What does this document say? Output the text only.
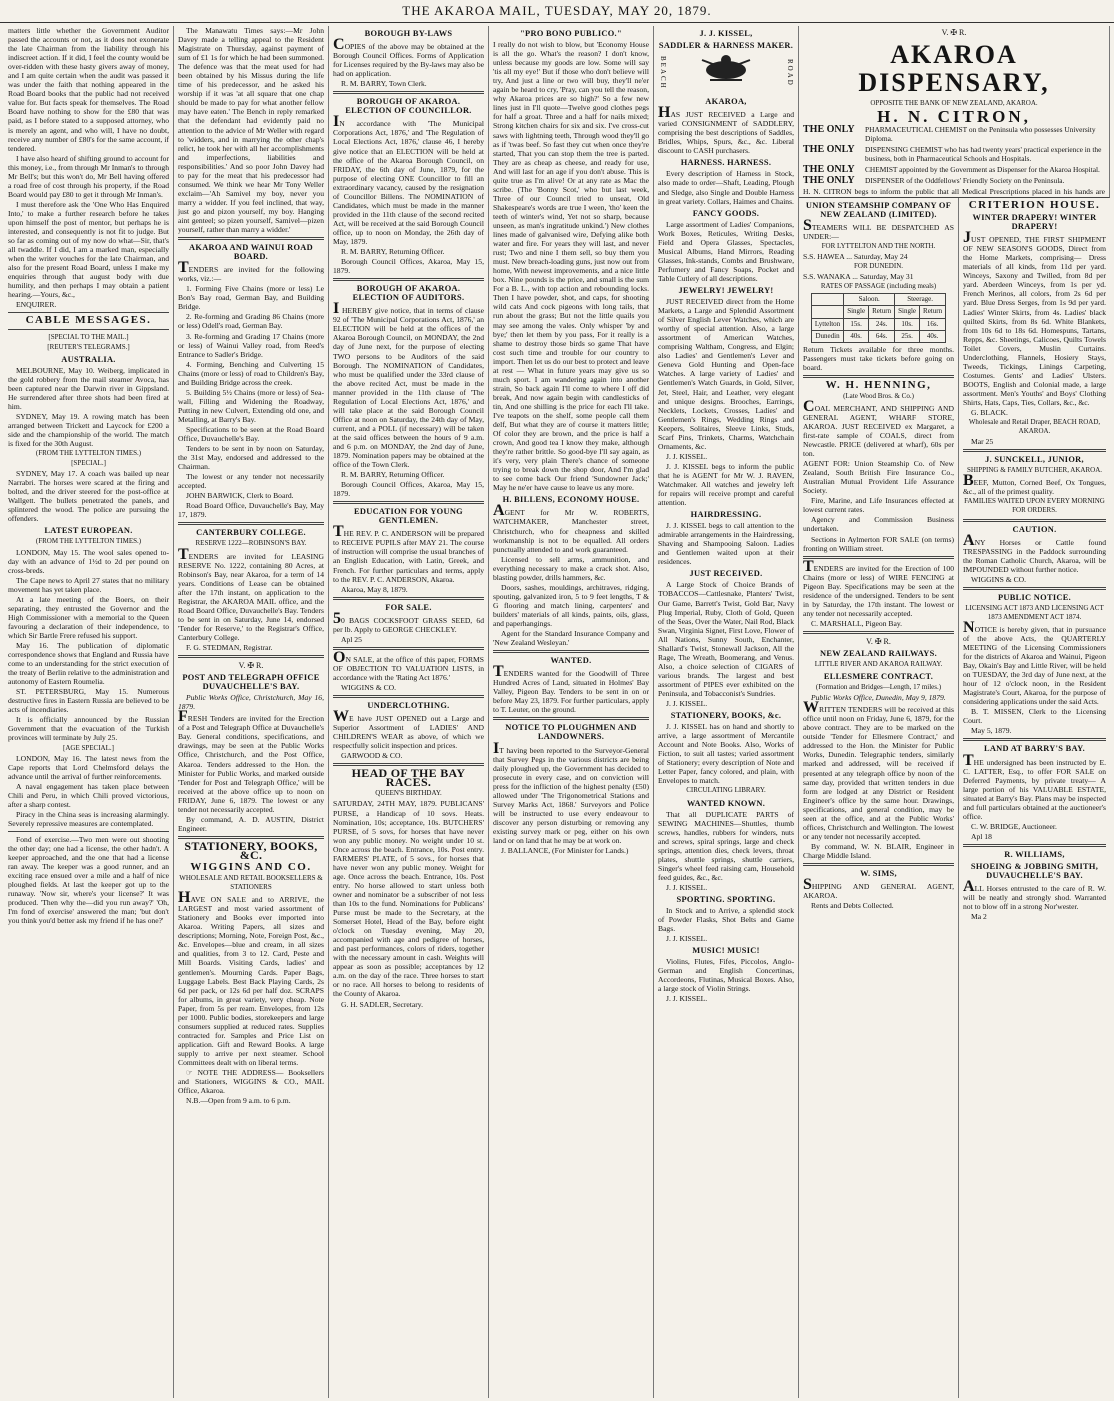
THE AKAROA MAIL, TUESDAY, MAY 20, 1879.

matters little whether the Government Auditor passed the accounts or not, as it does not exonerate the late Chairman from the liability through his indiscreet action. If it did, I feel the county would be over-ridden with these hasty givers away of money, and I am quite certain when the audit was passed it was under the faith that nothing appeared in the Road Board books that the public had not received value for. But facts speak for themselves. The Road Board have nothing to show for the £80 that was paid, as I before stated to a supposed attorney, who is merely an agent, and who will, I have no doubt, receive any number of £80's for the same account, if tendered.

I have also heard of shifting ground to account for this money, i.e., from through Mr Inman's to through Mr Bell's; but this won't do, Mr Bell having offered a road free of cost through his property, if the Road Board would pay £80 to get it through Mr Inman's.

I must therefore ask the 'One Who Has Enquired Into,' to make a further research before he takes upon himself the post of mentor, but perhaps he is interested, and consequently is not fit to judge. But so far as coming out of my now do what—Sir, that's all twaddle. If I did, I am a marked man, especially when the writer vouches for the late Chairman, and also for the present Road Board, unless I make my enquiries through that august body with due humility, and then perhaps I may obtain a patient hearing.—Yours, &c.,

ENQUIRER.

CABLE MESSAGES.
[SPECIAL TO THE MAIL.]
[REUTER'S TELEGRAMS.]
AUSTRALIA.

MELBOURNE, May 10. Weiberg, implicated in the gold robbery from the mail steamer Avoca, has been captured near the Darwin river in Gippsland. He surrendered after three shots had been fired at him.

SYDNEY, May 19. A rowing match has been arranged between Trickett and Laycock for £200 a side and the championship of the world. The match is fixed for the 30th August.

(FROM THE LYTTELTON TIMES.)
[SPECIAL.]

SYDNEY, May 17. A coach was bailed up near Narrabri. The horses were scared at the firing and bolted, and the driver steered for the post-office at Wallgett. The bullets penetrated the panels, and splintered the wood. The police are pursuing the offenders.

LATEST EUROPEAN.
(FROM THE LYTTELTON TIMES.)

LONDON, May 15. The wool sales opened to-day with an advance of 1½d to 2d per pound on cross-breds.

The Cape news to April 27 states that no military movement has yet taken place.

At a late meeting of the Boers, on their separating, they entrusted the Governor and the High Commissioner with a memorial to the Queen favouring a declaration of their independence, to which Sir Bartle Frere refused his support.

May 16. The publication of diplomatic correspondence shows that England and Russia have come to an understanding for the strict execution of the treaty of Berlin relative to the administration and autonomy of Eastern Roumelia.

ST. PETERSBURG, May 15. Numerous destructive fires in Eastern Russia are believed to be acts of incendiaries.

It is officially announced by the Russian Government that the evacuation of the Turkish provinces will terminate by July 25.

[AGE SPECIAL.]

LONDON, May 16. The latest news from the Cape reports that Lord Chelmsford delays the advance until the arrival of further reinforcements.

A naval engagement has taken place between Chili and Peru, in which Chili proved victorious, after a sharp contest.

Piracy in the China seas is increasing alarmingly. Severely repressive measures are contemplated.

Fond of exercise.—Two men were out shooting the other day; one had a license, the other hadn't. A keeper approached, and the one that had a license ran away. The keeper was a good runner, and an exciting race ensued over a mile and a half of nice ploughed fields. At last the keeper got up to the runaway. 'Now sir, where's your license?' It was produced. 'Then why the—did you run away?' 'Oh, I'm fond of exercise' answered the man; 'but don't you think you'd better ask my friend if he has one?'

The Manawatu Times says:—Mr John Davey made a telling appeal to the Resident Magistrate on Thursday, against payment of sum of £1 1s for which he had been summoned. The defence was that the meat used for had been obtained by his Missus during the life time of his predecessor, and he asked his worship if it was 'at all square that one chap should be made to pay for what another fellow may have eaten.' The Bench in reply remarked that the defendant had evidently paid no attention to the advice of Mr Weller with regard to 'widders, and in marrying the other chap's relict, he took her with all her accomplishments and imperfections, liabilities and responsibilities.' And so poor John Davey had to pay for the meat that his predecessor had consumed. We think we hear Mr Tony Weller exclaim—'Ah Samivel my boy, never you marry a widder. If you feel inclined, that way, just go and pizon yourself, my boy. Hanging aint genteel; so pizen yourself, Samivel—pizen yourself, rather than marry a widder.'

AKAROA AND WAINUI ROAD BOARD.

TENDERS are invited for the following works, viz.:—

1. Forming Five Chains (more or less) Le Bon's Bay road, German Bay, and Building Bridge.

2. Re-forming and Grading 86 Chains (more or less) Odell's road, German Bay.

3. Re-forming and Grading 17 Chains (more or less) of Wainui Valley road, from Reed's Entrance to Sadler's Bridge.

4. Forming, Benching and Culverting 15 Chains (more or less) of road to Children's Bay, and Building Bridge across the creek.

5. Building 5½ Chains (more or less) of Sea-wall, Filling and Widening the Roadway, Putting in new Culvert, Extending old one, and Metalling, at Barry's Bay.

Specifications to be seen at the Road Board Office, Duvauchelle's Bay.

Tenders to be sent in by noon on Saturday, the 31st May, endorsed and addressed to the Chairman.

The lowest or any tender not necessarily accepted.

JOHN BARWICK, Clerk to Board.

Road Board Office, Duvauchelle's Bay, May 17, 1879.

CANTERBURY COLLEGE.
RESERVE 1222—ROBINSON'S BAY.

TENDERS are invited for LEASING RESERVE No. 1222, containing 80 Acres, at Robinson's Bay, near Akaroa, for a term of 14 years. Conditions of Lease can be obtained after the 17th instant, on application to the Registrar, the AKAROA MAIL office, and the Road Board Office, Duvauchelle's Bay. Tenders to be sent in on Saturday, June 14, endorsed 'Tender for Reserve,' to the Registrar's Office, Canterbury College.

F. G. STEDMAN, Registrar.

V. ✠ R.
POST AND TELEGRAPH OFFICE DUVAUCHELLE'S BAY.

Public Works Office, Christchurch, May 16, 1879.

FRESH Tenders are invited for the Erection of a Post and Telegraph Office at Duvauchelle's Bay. General conditions, specifications, and drawings, may be seen at the Public Works Office, Christchurch, and the Post Office, Akaroa. Tenders addressed to the Hon. the Minister for Public Works, and marked outside 'Tender for Post and Telegraph Office,' will be received at the above office up to noon on FRIDAY, June 6, 1879. The lowest or any tender not necessarily accepted.

By command, A. D. AUSTIN, District Engineer.

STATIONERY, BOOKS, &C.
WIGGINS AND CO.
WHOLESALE AND RETAIL BOOKSELLERS & STATIONERS

HAVE ON SALE and to ARRIVE, the LARGEST and most varied assortment of Stationery and Books ever imported into Akaroa. Writing Papers, all sizes and descriptions; Morning, Note, Foreign Post, &c., &c. Envelopes—blue and cream, in all sizes and qualities, from 3 to 12. Card, Peste and Mill Boards. Visiting Cards, ladies' and gentlemen's. Mourning Cards. Paper Bags, Luggage Labels. Best Back Playing Cards, 2s 6d per pack, or 12s 6d per half doz. SCRAPS for albums, in great variety, very cheap. Note Paper, from 5s per ream. Envelopes, from 12s per 1000. Public bodies, storekeepers and large consumers supplied at reduced rates. Supplies contracted for. Samples and Price List on application. Gift and Reward Books. A large supply to arrive per next steamer. School Committees dealt with on liberal terms.

☞ NOTE THE ADDRESS— Booksellers and Stationers, WIGGINS & CO., MAIL Office, Akaroa.

N.B.—Open from 9 a.m. to 6 p.m.

BOROUGH BY-LAWS

COPIES of the above may be obtained at the Borough Council Offices. Forms of Application for Licenses required by the By-laws may also be had on application.

R. M. BARRY, Town Clerk.

BOROUGH OF AKAROA. ELECTION OF COUNCILLOR.

IN accordance with 'The Municipal Corporations Act, 1876,' and 'The Regulation of Local Elections Act, 1876,' clause 46, I hereby give notice that an ELECTION will be held at the office of the Akaroa Borough Council, on FRIDAY, the 6th day of June, 1879, for the purpose of electing ONE Councillor to fill an extraordinary vacancy, caused by the resignation of Councillor Billens. The NOMINATION of Candidates, which must be made in the manner provided in the 11th clause of the second recited Act, will be received at the said Borough Council office, up to noon on Monday, the 26th day of May, 1879.

R. M. BARRY, Returning Officer.

Borough Council Offices, Akaroa, May 15, 1879.

BOROUGH OF AKAROA. ELECTION OF AUDITORS.

I HEREBY give notice, that in terms of clause 92 of 'The Municipal Corporations Act, 1876,' an ELECTION will be held at the offices of the Akaroa Borough Council, on MONDAY, the 2nd day of June next, for the purpose of electing TWO persons to be Auditors of the said Borough. The NOMINATION of Candidates, who must be qualified under the 33rd clause of the above recited Act, must be made in the manner provided in the 11th clause of 'The Regulation of Local Elections Act, 1876,' and will take place at the said Borough Council Office at noon on Saturday, the 24th day of May, current, and a POLL (if necessary) will be taken at the said offices between the hours of 9 a.m. and 6 p.m. on MONDAY, the 2nd day of June, 1879. Nomination papers may be obtained at the office of the Town Clerk.

R. M. BARRY, Returning Officer.

Borough Council Offices, Akaroa, May 15, 1879.

EDUCATION FOR YOUNG GENTLEMEN.

THE REV. P. C. ANDERSON will be prepared to RECEIVE PUPILS after MAY 21. The course of instruction will comprise the usual branches of an English Education, with Latin, Greek, and French. For further particulars and terms, apply to the REV. P. C. ANDERSON, Akaroa.

Akaroa, May 8, 1879.

FOR SALE.

50 BAGS COCKSFOOT GRASS SEED, 6d per lb. Apply to GEORGE CHECKLEY.

Apl 25

ON SALE, at the office of this paper, FORMS OF OBJECTION TO VALUATION LISTS, in accordance with the 'Rating Act 1876.'

WIGGINS & CO.

UNDERCLOTHING.

WE have JUST OPENED out a Large and Superior Assortment of LADIES' AND CHILDREN'S WEAR as above, of which we respectfully solicit inspection and prices.

GARWOOD & CO.

HEAD OF THE BAY RACES.
QUEEN'S BIRTHDAY.

SATURDAY, 24TH MAY, 1879. PUBLICANS' PURSE, a Handicap of 10 sovs. Heats. Nomination, 10s; acceptance, 10s. BUTCHERS' PURSE, of 5 sovs, for horses that have never won any public money. No weight under 10 st. Once across the beach. Entrance, 10s. Post entry. FARMERS' PLATE, of 5 sovs., for horses that have never won any public money. Weight for age. Once across the beach. Entrance, 10s. Post entry. No horse allowed to start unless both owner and nominator be a subscriber of not less than 10s to the fund. Nominations for Publicans' Purse must be made to the Secretary, at the Somerset Hotel, Head of the Bay, before eight o'clock on Tuesday evening, May 20, accompanied with age and pedigree of horses, and past performances, colors of riders, together with the necessary amount in cash. Weights will appear as soon as possible; acceptances by 12 a.m. on the day of the race. Three horses to start or no race. All horses to belong to residents of the County of Akaroa.

G. H. SADLER, Secretary.

"PRO BONO PUBLICO."

I really do not wish to blow, but 'Economy House is all the go. What's the reason? I don't know, unless because my goods are low. Some will say 'tis all my eye!' But if those who don't believe will try, And just a line or two will buy, they'll ne'er again be heard to cry, 'Pray, can you tell the reason, why Akaroa prices are so high?' So a few new lines just in I'll quote—Twelve good clothes pegs for half a groat. Three and a half for nails mixed; Strong kitchen chairs for six and six. I've cross-cut saws with lightning teeth, Through wood they'll go as if 'twas beef. So fast they cut when once they're started, That you can stop them the tree is parted. They are as cheap as cheese, and ready for use, And will last for an age if you don't abuse. This is quite true as I'm alive! Or at any rate as Mac the scribe. (The 'Bonny Scot,' who but last week, Three of our Council tried to unseat, Old Shakespeare's words are true I ween, 'tho' keen the teeth of winter's wind, Yet not so sharp, because unseen, as man's ingratitude unkind.') New clothes lines made of galvanised wire, Defying alike both water and fire. For years they will last, and never rust; Two and nine I them sell, so buy them you must. New breach-loading guns, just now out from home, With newest improvements, and a nice little box. Nine pounds is the price, and small is the sum For a B. L., with top action and rebounding locks. Then I have powder, shot, and caps, for shooting wild cats And cock pigeons with long tails, that run about the grass; But not the little quails you may see among the vales. Only whisper 'by and bye;' then let them by you pass, For it really is a shame to destroy those birds so game That have cost such time and trouble for our country to import. Then let us do our best to protect and leave at rest — What in future years may give us so much sport. I am wandering again into another strain, So back again I'll come to where I off did break, And now again begin with candlesticks of tin, And one shilling is the price for each I'll take. I've teapots on the shelf, some people call them delf, But what they are of course it matters little; Of color they are brown, and the price is half a crown, And good tea I know they make, although they're rather brittle. So good-bye I'll say again, as it's very, very plain There's chance of someone trying to break down the shop door, And I'm glad to see come back Our friend 'Sundowner Jack;' May he ne'er have cause to leave us any more.

H. BILLENS, ECONOMY HOUSE.

AGENT for Mr W. ROBERTS, WATCHMAKER, Manchester street, Christchurch, who for cheapness and skilled workmanship is not to be equalled. All orders punctually attended to and work guaranteed.

Licensed to sell arms, ammunition, and everything necessary to make a crack shot. Also, blasting powder, drills hammers, &c.

Doors, sashes, mouldings, architraves, ridging, spouting, galvanized iron, 5 to 9 feet lengths, T & G flooring and match lining, carpenters' and builders' materials of all kinds, paints, oils, glass, and paperhangings.

Agent for the Standard Insurance Company and 'New Zealand Wesleyan.'

WANTED.

TENDERS wanted for the Goodwill of Three Hundred Acres of Land, situated in Holmes' Bay Valley, Pigeon Bay. Tenders to be sent in on or before May 23, 1879. For further particulars, apply to T. Leuter, on the ground.

NOTICE TO PLOUGHMEN AND LANDOWNERS.

IT having been reported to the Surveyor-General that Survey Pegs in the various districts are being daily ploughed up, the Government has decided to prosecute in every case, and on conviction will press for the infliction of the highest penalty (£50) allowed under 'The Trigonometrical Stations and Survey Marks Act, 1868.' Surveyors and Police will be instructed to use every endeavour to discover any person disturbing or removing any existing survey mark or peg, either on his own land or on land that he may be at work on.

J. BALLANCE, (For Minister for Lands.)

J. J. KISSEL,
SADDLER & HARNESS MAKER.
BEACH	ROAD
AKAROA,

HAS JUST RECEIVED a Large and varied CONSIGNMENT of SADDLERY, comprising the best descriptions of Saddles, Bridles, Whips, Spurs, &c., &c. Liberal discount to CASH purchasers.

HARNESS. HARNESS.

Every description of Harness in Stock, also made to order—Shaft, Leading, Plough and Sledge, also Single and Double Harness in great variety. Collars, Haimes and Chains.

FANCY GOODS.

Large assortment of Ladies' Companions, Work Boxes, Reticules, Writing Desks, Field and Opera Glasses, Spectacles, Musical Albums, Hand Mirrors, Reading Glasses, Ink-stands, Combs and Brushware, Perfumery and Fancy Soaps, Pocket and Table Cutlery of all descriptions.

JEWELRY! JEWELRY!

JUST RECEIVED direct from the Home Markets, a Large and Splendid Assortment of Silver English Lever Watches, which are worthy of special attention. Also, a large assortment of American Watches, comprising Waltham, Congress, and Elgin; also Ladies' and Gentlemen's Lever and Geneva Gold Hunting and Open-face Watches. A large variety of Ladies' and Gentlemen's Watch Guards, in Gold, Silver, Jet, Steel, Hair, and Leather, very elegant and unique designs. Brooches, Earrings, Necklets, Lockets, Crosses, Ladies' and Gentlemen's Rings, Wedding Rings and Keepers, Solitaires, Sleeve Links, Studs, Scarf Pins, Trinkets, Charms, Watchchain Ornaments, &c.

J. J. KISSEL.

J. J. KISSEL begs to inform the public that he is AGENT for Mr W. J. RAVEN, Watchmaker. All watches and jewelry left for repairs will receive prompt and careful attention.

HAIRDRESSING.

J. J. KISSEL begs to call attention to the admirable arrangements in the Hairdressing, Shaving and Shampooing Saloon. Ladies and Gentlemen waited upon at their residences.

JUST RECEIVED.

A Large Stock of Choice Brands of TOBACCOS—Cattlesnake, Planters' Twist, Our Game, Barrett's Twist, Gold Bar, Navy Plug Imperial, Ruby, Cloth of Gold, Queen of the Seas, Over the Water, Nail Rod, Black Swan, Virginia Signet, First Love, Flower of All Nations, Sunny South, Enchanter, Shallard's Twist, Stonewall Jackson, All the Rage, The Wreath, Boomerang, and Venus. Also, a choice selection of CIGARS of various brands. The largest and best assortment of PIPES ever exhibited on the Peninsula, and Tobacconist's Sundries.

J. J. KISSEL.

STATIONERY, BOOKS, &c.

J. J. KISSEL has on hand and shortly to arrive, a large assortment of Mercantile Account and Note Books. Also, Works of Fiction, to suit all tastes; varied assortment of Stationery; every description of Note and Letter Paper, fancy colored, and plain, with Envelopes to match.

CIRCULATING LIBRARY.
WANTED KNOWN.

That all DUPLICATE PARTS of SEWING MACHINES—Shuttles, thumb screws, handles, rubbers for winders, nuts and screws, spiral springs, large and check springs, attention dies, check levers, throat plates, shuttle springs, shuttle carriers, Singer's wheel feed raising cam, Household feed guides, &c., &c.

J. J. KISSEL.

SPORTING. SPORTING.

In Stock and to Arrive, a splendid stock of Powder Flasks, Shot Belts and Game Bags.

J. J. KISSEL.

MUSIC! MUSIC!

Violins, Flutes, Fifes, Piccolos, Anglo-German and English Concertinas, Accordeons, Flutinas, Musical Boxes. Also, a large stock of Violin Strings.

J. J. KISSEL.

V. ✠ R.
AKAROA DISPENSARY,
OPPOSITE THE BANK OF NEW ZEALAND, AKAROA.
H. N. CITRON,
THE ONLY	PHARMACEUTICAL CHEMIST on the Peninsula who possesses University Diploma.
THE ONLY	DISPENSING CHEMIST who has had twenty years' practical experience in the business, both in Pharmaceutical Schools and Hospitals.
THE ONLY	CHEMIST appointed by the Government as Dispenser for the Akaroa Hospital.
THE ONLY	DISPENSER of the Oddfellows' Friendly Society on the Peninsula.

H. N. CITRON begs to inform the public that all Medical Prescriptions placed in his hands are

UNION STEAMSHIP COMPANY OF NEW ZEALAND (LIMITED).

STEAMERS WILL BE DESPATCHED AS UNDER:—

FOR LYTTELTON AND THE NORTH.

S.S. HAWEA ... Saturday, May 24

FOR DUNEDIN.

S.S. WANAKA ... Saturday, May 31

RATES OF PASSAGE (including meals)
	Saloon.		Steerage.	
	Single	Return	Single	Return
Lyttelton	15s.	24s.	10s.	16s.
Dunedin	40s.	64s.	25s.	40s.

Return Tickets available for three months. Passengers must take tickets before going on board.

W. H. HENNING,
(Late Wood Bros. & Co.)

COAL MERCHANT, AND SHIPPING AND GENERAL AGENT, WHARF STORE, AKAROA. JUST RECEIVED ex Margaret, a first-rate sample of COALS, direct from Newcastle. PRICE (delivered at wharf), 60s per ton.

AGENT FOR: Union Steamship Co. of New Zealand, South British Fire Insurance Co., Australian Mutual Provident Life Assurance Society.

Fire, Marine, and Life Insurances effected at lowest current rates.

Agency and Commission Business undertaken.

Sections in Aylmerton FOR SALE (on terms) fronting on William street.

TENDERS are invited for the Erection of 100 Chains (more or less) of WIRE FENCING at Pigeon Bay. Specifications may be seen at the residence of the undersigned. Tenders to be sent in by Saturday, the 17th instant. The lowest or any tender not necessarily accepted.

C. MARSHALL, Pigeon Bay.

V. ✠ R.
NEW ZEALAND RAILWAYS.
LITTLE RIVER AND AKAROA RAILWAY.
ELLESMERE CONTRACT.
(Formation and Bridges—Length, 17 miles.)

Public Works Office, Dunedin, May 9, 1879.

WRITTEN TENDERS will be received at this office until noon on Friday, June 6, 1879, for the above contract. They are to be marked on the outside 'Tender for Ellesmere Contract,' and addressed to the Hon. the Minister for Public Works, Dunedin. Telegraphic tenders, similarly marked and addressed, will be received if presented at any telegraph office by noon of the same day, provided that written tenders in due form are lodged at any District or Resident Engineer's office by the same hour. Drawings, specifications, and general condition, may be seen at the office, and at the Public Works' offices, Christchurch and Wellington. The lowest or any tender not necessarily accepted.

By command, W. N. BLAIR, Engineer in Charge Middle Island.

W. SIMS,

SHIPPING AND GENERAL AGENT, AKAROA.

Rents and Debts Collected.

CRITERION HOUSE.
WINTER DRAPERY! WINTER DRAPERY!

JUST OPENED, THE FIRST SHIPMENT OF NEW SEASON'S GOODS, Direct from the Home Markets, comprising— Dress materials of all kinds, from 11d per yard. Winceys, Saxony and Twilled, from 8d per yard. Aberdeen Winceys, from 1s per yd. French Merinos, all colors, from 2s 6d per yard. Blue Dress Serges, from 1s 9d per yard. Ladies' Winter Skirts, from 4s. Ladies' black quilted Skirts, from 8s 6d. White Blankets, from 10s 6d to 18s 6d. Homespuns, Tartans, Repps, &c. Sheetings, Calicoes, Quilts Towels Toilet Covers, Muslin Curtains. Underclothing, Flannels, Hosiery Stays, Tweeds, Tickings, Linings Carpeting, Costumes. Gents' and Ladies' Ulsters. BOOTS, English and Colonial made, a large assortment. Men's Youths' and Boys' Clothing Shirts, Hats, Caps, Ties, Collars, &c., &c.

G. BLACK.

Wholesale and Retail Draper, BEACH ROAD, AKAROA.

Mar 25

J. SUNCKELL, JUNIOR,
SHIPPING & FAMILY BUTCHER, AKAROA.

BEEF, Mutton, Corned Beef, Ox Tongues, &c., all of the primest quality.

FAMILIES WAITED UPON EVERY MORNING FOR ORDERS.
CAUTION.

ANY Horses or Cattle found TRESPASSING in the Paddock surrounding the Roman Catholic Church, Akaroa, will be IMPOUNDED without further notice.

WIGGINS & CO.

PUBLIC NOTICE.
LICENSING ACT 1873 AND LICENSING ACT 1873 AMENDMENT ACT 1874.

NOTICE is hereby given, that in pursuance of the above Acts, the QUARTERLY MEETING of the Licensing Commissioners for the districts of Akaroa and Wainui, Pigeon Bay, Okain's Bay and Little River, will be held on TUESDAY, the 3rd day of June next, at the hour of 12 o'clock noon, in the Resident Magistrate's Court, Akaroa, for the purpose of considering applications under the said Acts.

B. T. MISSEN, Clerk to the Licensing Court.

May 5, 1879.

LAND AT BARRY'S BAY.

THE undersigned has been instructed by E. C. LATTER, Esq., to offer FOR SALE on Deferred Payments, by private treaty— A large portion of his VALUABLE ESTATE, situated at Barry's Bay. Plans may be inspected and full particulars obtained at the auctioneer's office.

C. W. BRIDGE, Auctioneer.

Apl 18

R. WILLIAMS,
SHOEING & JOBBING SMITH, DUVAUCHELLE'S BAY.

ALL Horses entrusted to the care of R. W. will be neatly and strongly shod. Warranted not to blow off in a strong Nor'wester.

Ma 2
